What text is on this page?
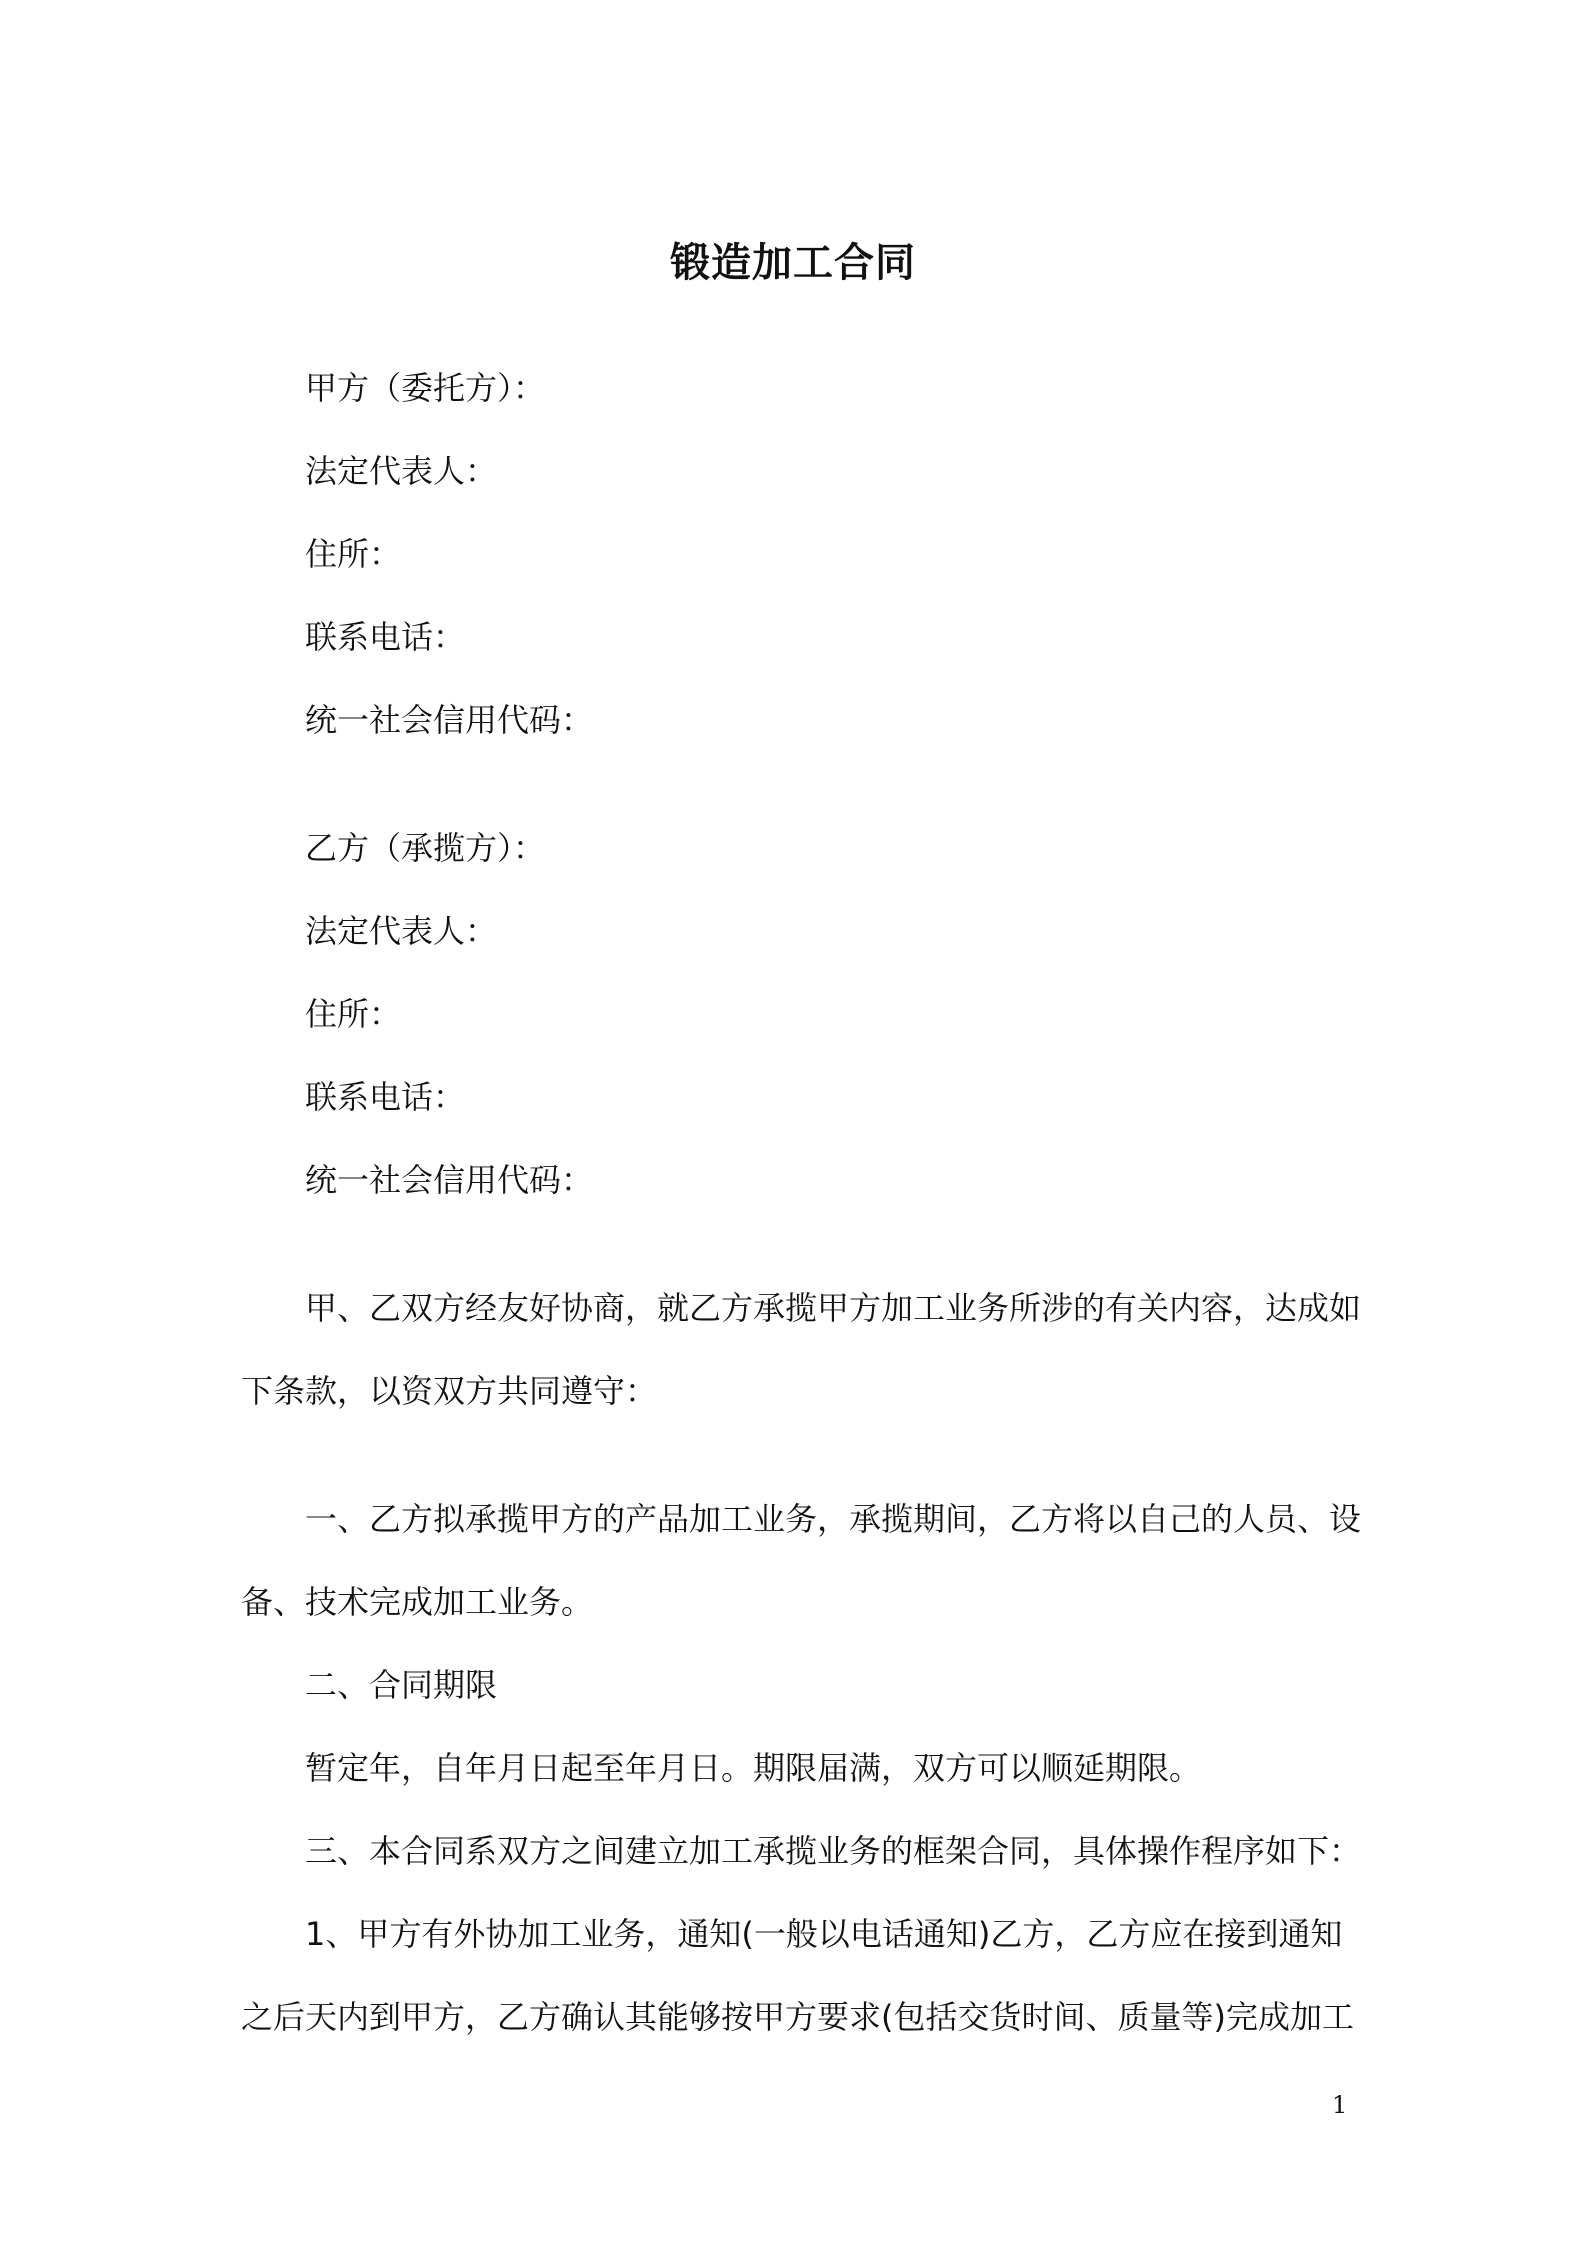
锻造加工合同
甲方（委托方）：
法定代表人：
住所：
联系电话：
统一社会信用代码：
乙方（承揽方）：
法定代表人：
住所：
联系电话：
统一社会信用代码：
甲、乙双方经友好协商，就乙方承揽甲方加工业务所涉的有关内容，达成如
下条款，以资双方共同遵守：
一、乙方拟承揽甲方的产品加工业务，承揽期间，乙方将以自己的人员、设
备、技术完成加工业务。
二、合同期限
暂定年，自年月日起至年月日。期限届满，双方可以顺延期限。
三、本合同系双方之间建立加工承揽业务的框架合同，具体操作程序如下：
1、甲方有外协加工业务，通知(一般以电话通知)乙方，乙方应在接到通知
之后天内到甲方，乙方确认其能够按甲方要求(包括交货时间、质量等)完成加工
1
